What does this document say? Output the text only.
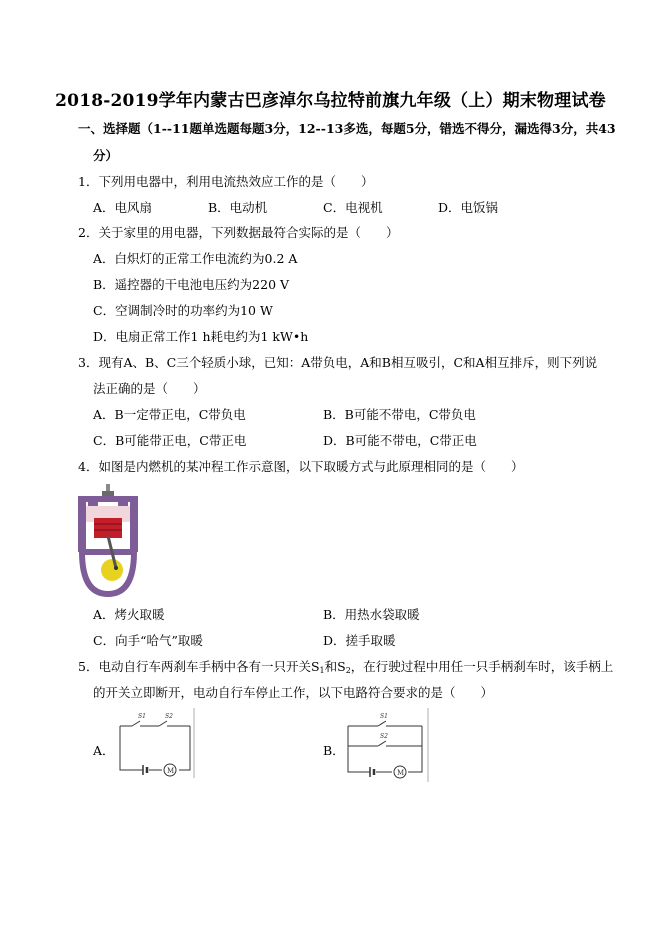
2018-2019学年内蒙古巴彦淖尔乌拉特前旗九年级（上）期末物理试卷
一、选择题（1--11题单选题每题3分，12--13多选，每题5分，错选不得分，漏选得3分，共43
分）
1．下列用电器中，利用电流热效应工作的是（　　）
A．电风扇	B．电动机	C．电视机	D．电饭锅
2．关于家里的用电器，下列数据最符合实际的是（　　）
A．白炽灯的正常工作电流约为0.2 A
B．遥控器的干电池电压约为220 V
C．空调制冷时的功率约为10 W
D．电扇正常工作1 h耗电约为1 kW•h
3．现有A、B、C三个轻质小球，已知：A带负电，A和B相互吸引，C和A相互排斥，则下列说
法正确的是（　　）
A．B一定带正电，C带负电	B．B可能不带电，C带负电
C．B可能带正电，C带正电	D．B可能不带电，C带正电
4．如图是内燃机的某冲程工作示意图，以下取暖方式与此原理相同的是（　　）
A．烤火取暖	B．用热水袋取暖
C．向手“哈气”取暖	D．搓手取暖
5．电动自行车两刹车手柄中各有一只开关$S_1$和$S_2$，在行驶过程中用任一只手柄刹车时，该手柄上
的开关立即断开，电动自行车停止工作，以下电路符合要求的是（　　）
A．
M
S1	S2
B．
M
S1
S2
